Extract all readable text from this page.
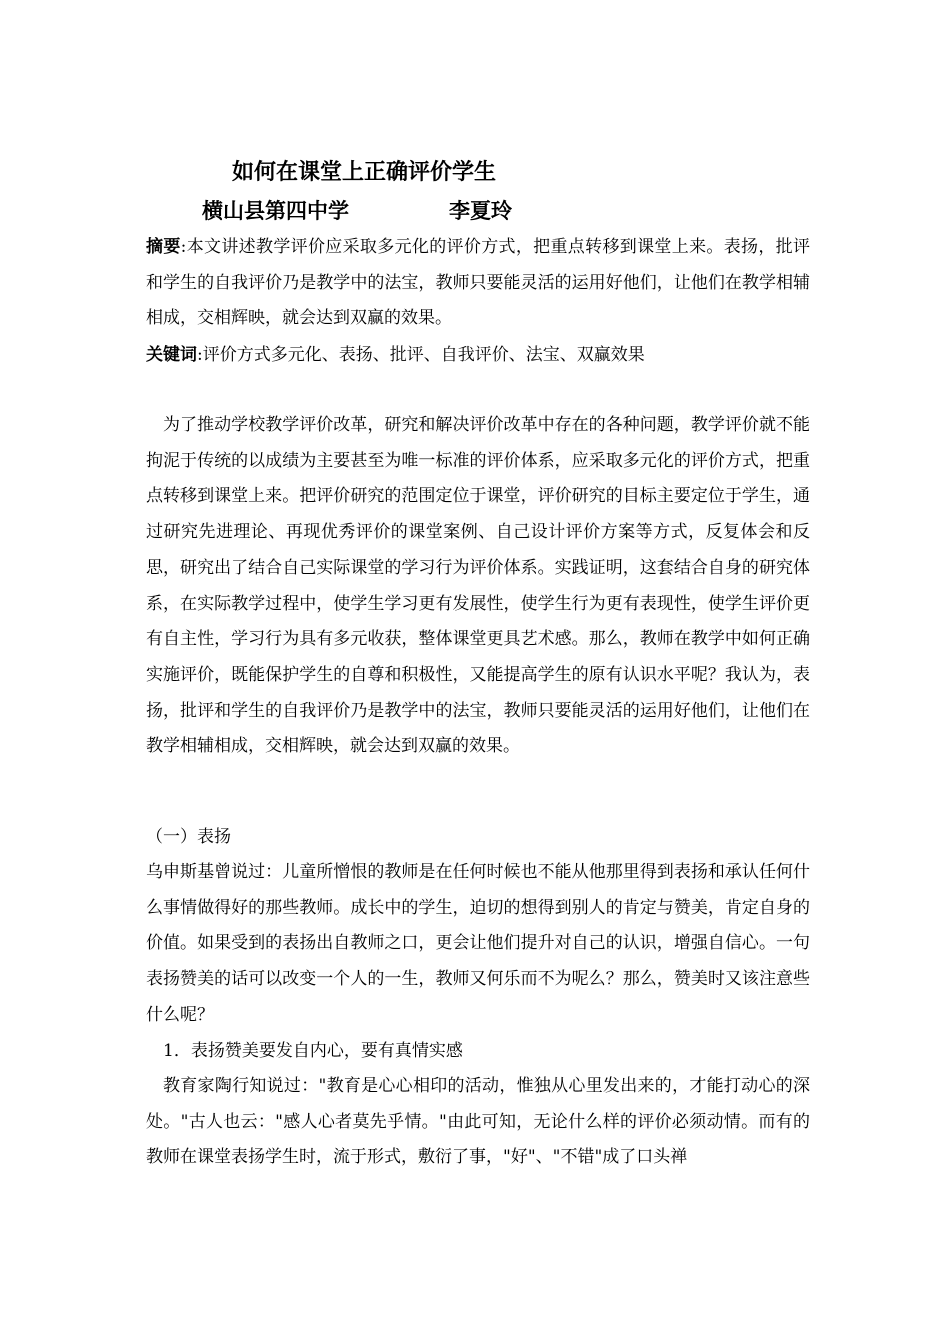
如何在课堂上正确评价学生
横山县第四中学	李夏玲
摘要:本文讲述教学评价应采取多元化的评价方式，把重点转移到课堂上来。表扬，批评和学生的自我评价乃是教学中的法宝，教师只要能灵活的运用好他们，让他们在教学相辅相成，交相辉映，就会达到双赢的效果。
关键词:评价方式多元化、表扬、批评、自我评价、法宝、双赢效果
为了推动学校教学评价改革，研究和解决评价改革中存在的各种问题，教学评价就不能拘泥于传统的以成绩为主要甚至为唯一标准的评价体系，应采取多元化的评价方式，把重点转移到课堂上来。把评价研究的范围定位于课堂，评价研究的目标主要定位于学生，通过研究先进理论、再现优秀评价的课堂案例、自己设计评价方案等方式，反复体会和反思，研究出了结合自己实际课堂的学习行为评价体系。实践证明，这套结合自身的研究体系，在实际教学过程中，使学生学习更有发展性，使学生行为更有表现性，使学生评价更有自主性，学习行为具有多元收获，整体课堂更具艺术感。那么，教师在教学中如何正确实施评价，既能保护学生的自尊和积极性，又能提高学生的原有认识水平呢？我认为，表扬，批评和学生的自我评价乃是教学中的法宝，教师只要能灵活的运用好他们，让他们在教学相辅相成，交相辉映，就会达到双赢的效果。
（一）表扬
乌申斯基曾说过：儿童所憎恨的教师是在任何时候也不能从他那里得到表扬和承认任何什么事情做得好的那些教师。成长中的学生，迫切的想得到别人的肯定与赞美，肯定自身的价值。如果受到的表扬出自教师之口，更会让他们提升对自己的认识，增强自信心。一句表扬赞美的话可以改变一个人的一生，教师又何乐而不为呢么？那么，赞美时又该注意些什么呢？
1．表扬赞美要发自内心，要有真情实感
教育家陶行知说过："教育是心心相印的活动，惟独从心里发出来的，才能打动心的深处。"古人也云："感人心者莫先乎情。"由此可知，无论什么样的评价必须动情。而有的教师在课堂表扬学生时，流于形式，敷衍了事，"好"、"不错"成了口头禅
